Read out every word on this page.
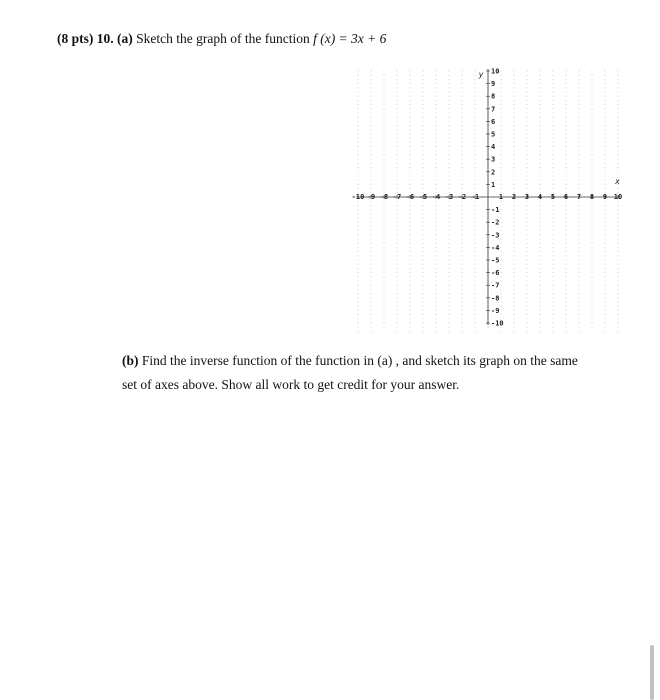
(8 pts) 10. (a) Sketch the graph of the function f (x) = 3x + 6
-10 -9 -8 -7 -6 -5 -4 -3 -2 -1	1 2 3 4 5 6 7 8 9 10
10
9
8
7
6
5
4
3
2
1
-1
-2
-3
-4
-5
-6
-7
-8
-9
-10
x
y
(b) Find the inverse function of the function in (a) , and sketch its graph on the same set of axes above. Show all work to get credit for your answer.
